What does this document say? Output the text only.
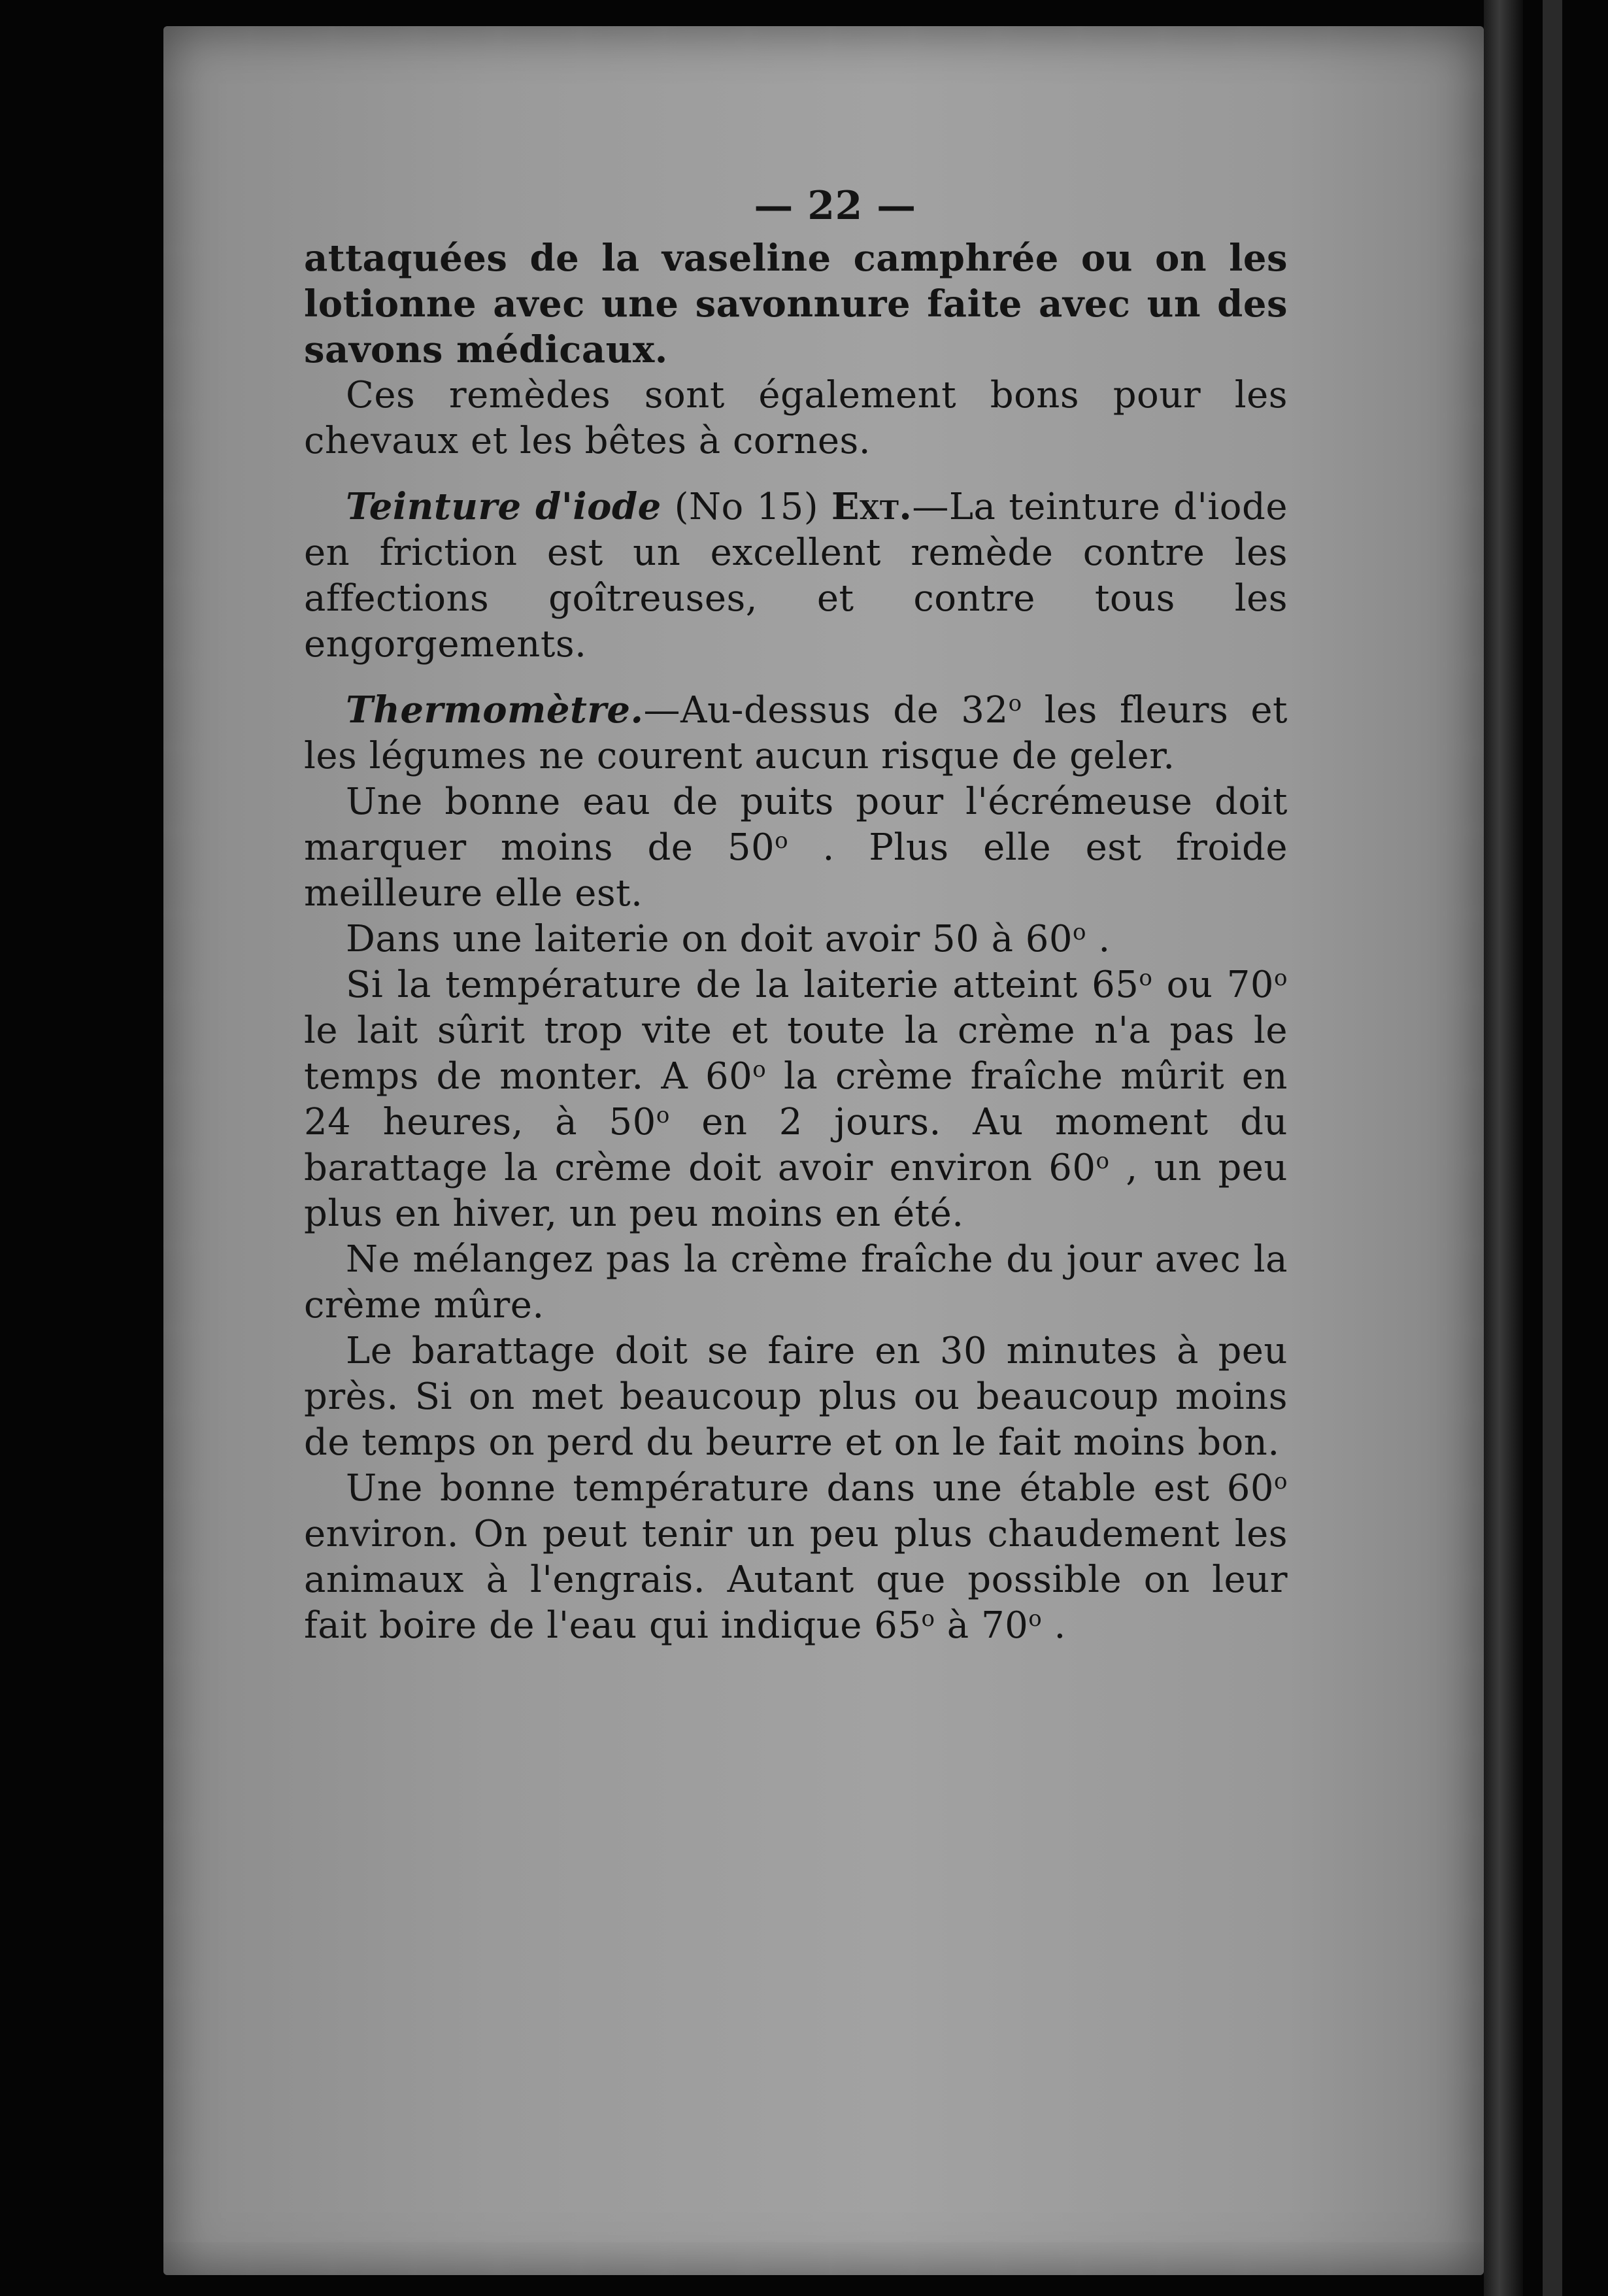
— 22 —

attaquées de la vaseline camphrée ou on les lotionne avec une savonnure faite avec un des savons médicaux.

Ces remèdes sont également bons pour les chevaux et les bêtes à cornes.

Teinture d'iode (No 15) Ext.—La teinture d'iode en friction est un excellent remède contre les affections goîtreuses, et contre tous les engorgements.

Thermomètre.—Au-dessus de 32$^o$ les fleurs et les légumes ne courent aucun risque de geler.

Une bonne eau de puits pour l'écrémeuse doit marquer moins de 50$^o$ . Plus elle est froide meilleure elle est.

Dans une laiterie on doit avoir 50 à 60$^o$ .

Si la température de la laiterie atteint 65$^o$ ou 70$^o$ le lait sûrit trop vite et toute la crème n'a pas le temps de monter. A 60$^o$ la crème fraîche mûrit en 24 heures, à 50$^o$ en 2 jours. Au moment du barattage la crème doit avoir environ 60$^o$ , un peu plus en hiver, un peu moins en été.

Ne mélangez pas la crème fraîche du jour avec la crème mûre.

Le barattage doit se faire en 30 minutes à peu près. Si on met beaucoup plus ou beaucoup moins de temps on perd du beurre et on le fait moins bon.

Une bonne température dans une étable est 60$^o$ environ. On peut tenir un peu plus chaudement les animaux à l'engrais. Autant que possible on leur fait boire de l'eau qui indique 65$^o$ à 70$^o$ .
